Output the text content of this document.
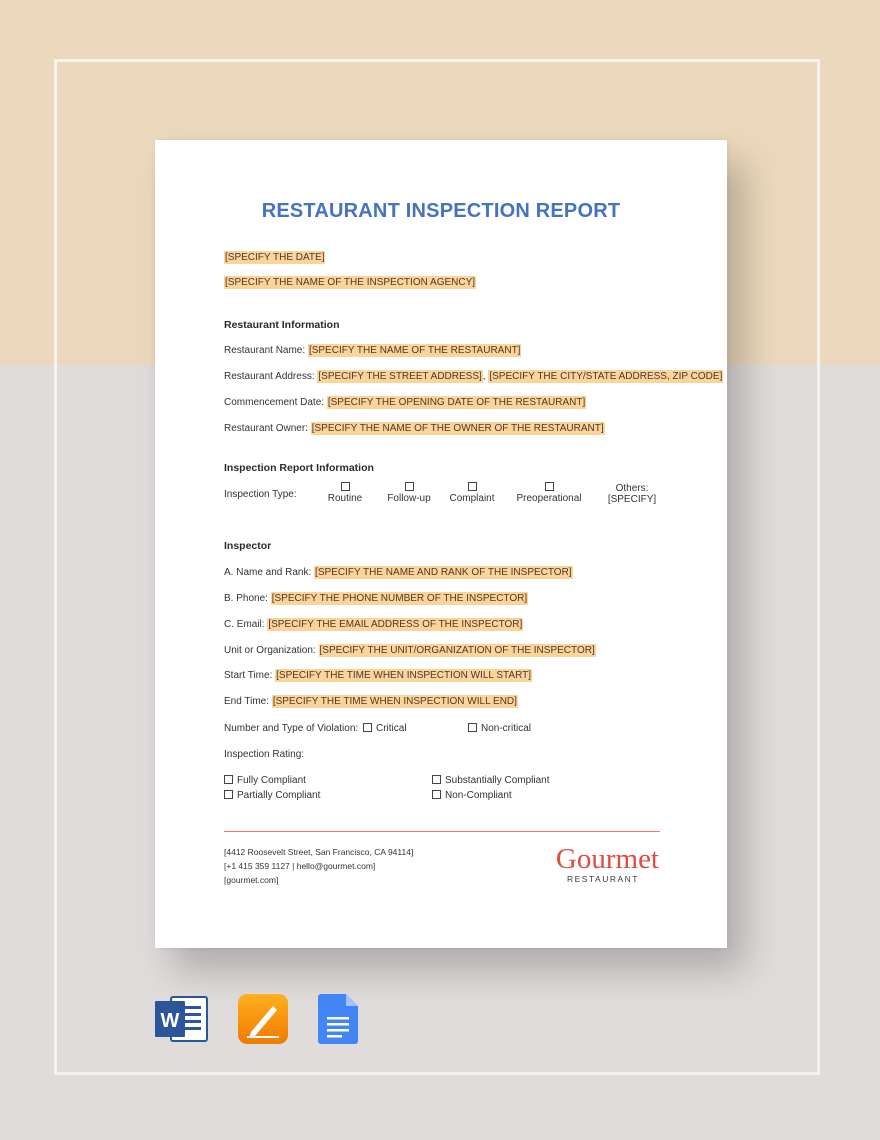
RESTAURANT INSPECTION REPORT
[SPECIFY THE DATE]
[SPECIFY THE NAME OF THE INSPECTION AGENCY]
Restaurant Information
Restaurant Name: [SPECIFY THE NAME OF THE RESTAURANT]
Restaurant Address: [SPECIFY THE STREET ADDRESS], [SPECIFY THE CITY/STATE ADDRESS, ZIP CODE]
Commencement Date: [SPECIFY THE OPENING DATE OF THE RESTAURANT]
Restaurant Owner: [SPECIFY THE NAME OF THE OWNER OF THE RESTAURANT]
Inspection Report Information
Inspection Type:	Routine	Follow-up	Complaint	Preoperational
Others:
[SPECIFY]
Inspector
A. Name and Rank: [SPECIFY THE NAME AND RANK OF THE INSPECTOR]
B. Phone: [SPECIFY THE PHONE NUMBER OF THE INSPECTOR]
C. Email: [SPECIFY THE EMAIL ADDRESS OF THE INSPECTOR]
Unit or Organization: [SPECIFY THE UNIT/ORGANIZATION OF THE INSPECTOR]
Start Time: [SPECIFY THE TIME WHEN INSPECTION WILL START]
End Time: [SPECIFY THE TIME WHEN INSPECTION WILL END]
Number and Type of Violation:	Critical	Non-critical
Inspection Rating:
Fully Compliant	Substantially Compliant
Partially Compliant	Non-Compliant
[4412 Roosevelt Street, San Francisco, CA 94114]
[+1 415 359 1127 | hello@gourmet.com]
[gourmet.com]
Gourmet
RESTAURANT
W
